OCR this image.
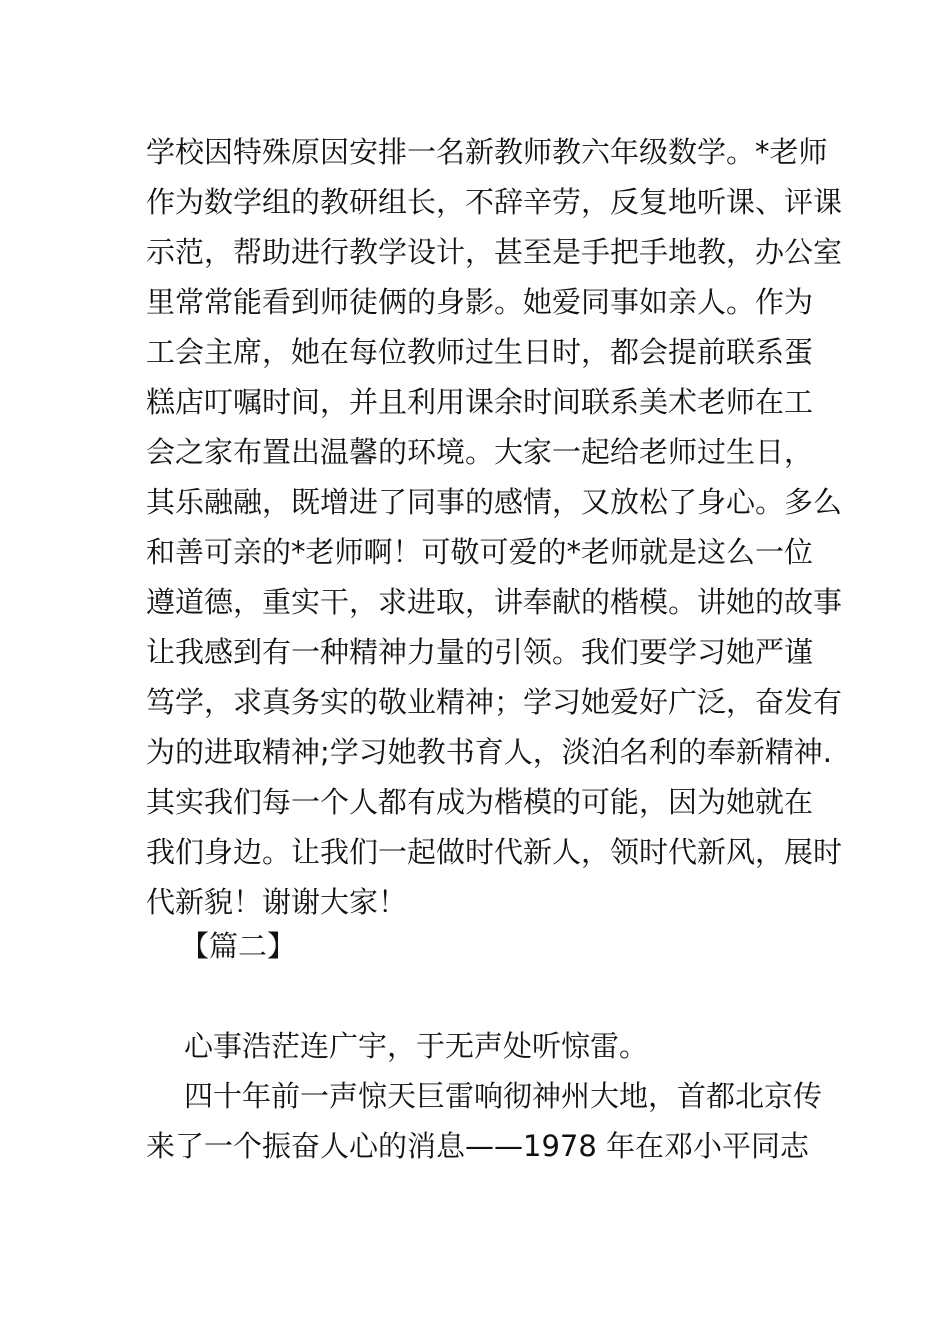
学校因特殊原因安排一名新教师教六年级数学。*老师
作为数学组的教研组长，不辞辛劳，反复地听课、评课
示范，帮助进行教学设计，甚至是手把手地教，办公室
里常常能看到师徒俩的身影。她爱同事如亲人。作为
工会主席，她在每位教师过生日时，都会提前联系蛋
糕店叮嘱时间，并且利用课余时间联系美术老师在工
会之家布置出温馨的环境。大家一起给老师过生日，
其乐融融，既增进了同事的感情，又放松了身心。多么
和善可亲的*老师啊！可敬可爱的*老师就是这么一位
遵道德，重实干，求进取，讲奉献的楷模。讲她的故事
让我感到有一种精神力量的引领。我们要学习她严谨
笃学，求真务实的敬业精神；学习她爱好广泛，奋发有
为的进取精神;学习她教书育人，淡泊名利的奉新精神.
其实我们每一个人都有成为楷模的可能，因为她就在
我们身边。让我们一起做时代新人，领时代新风，展时
代新貌！谢谢大家！
【篇二】
心事浩茫连广宇，于无声处听惊雷。
四十年前一声惊天巨雷响彻神州大地，首都北京传
来了一个振奋人心的消息——1978 年在邓小平同志
